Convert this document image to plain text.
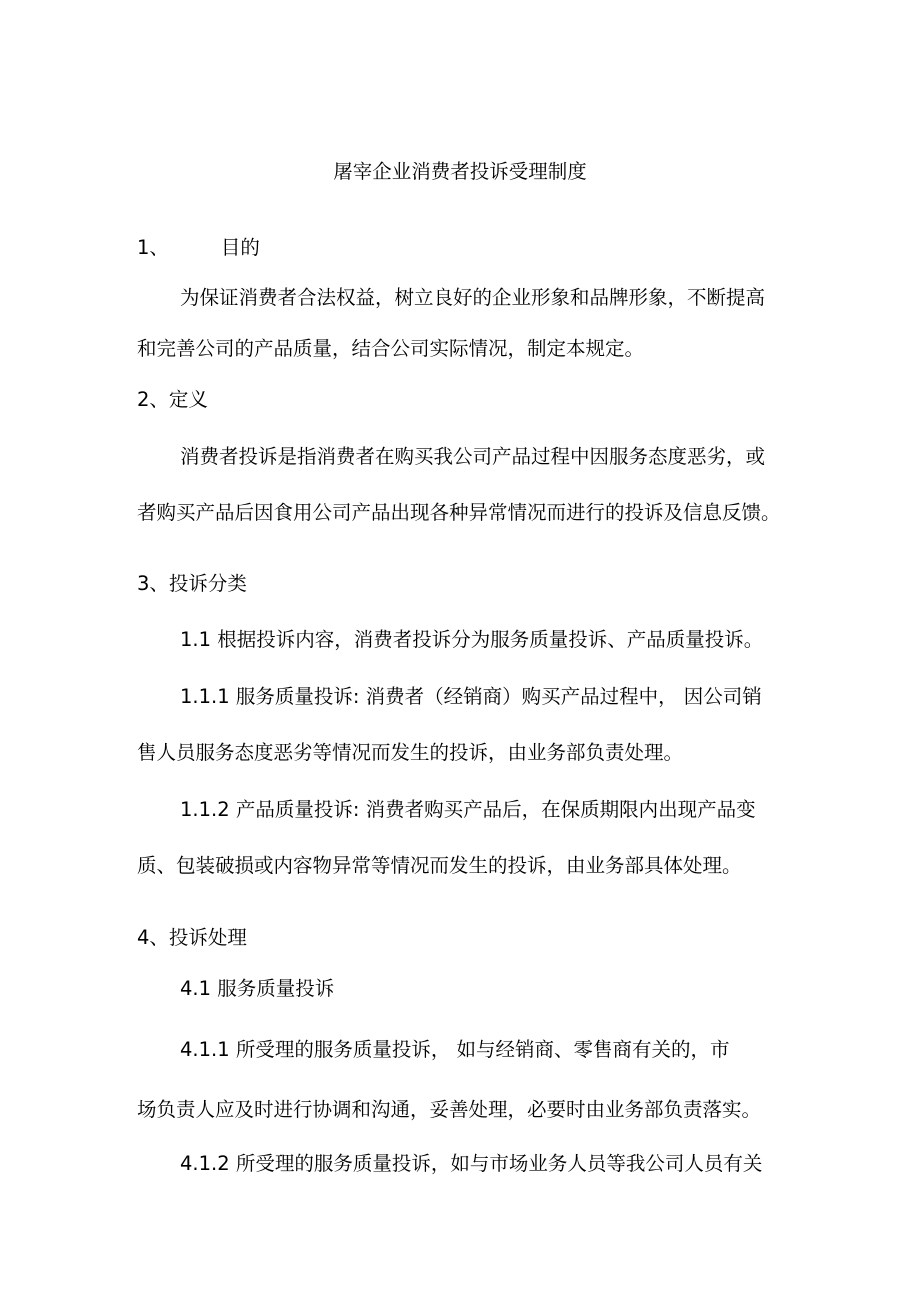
屠宰企业消费者投诉受理制度
1、	目的
为保证消费者合法权益，树立良好的企业形象和品牌形象，不断提高
和完善公司的产品质量，结合公司实际情况，制定本规定。
2、定义
消费者投诉是指消费者在购买我公司产品过程中因服务态度恶劣，或
者购买产品后因食用公司产品出现各种异常情况而进行的投诉及信息反馈。
3、投诉分类
1.1 根据投诉内容，消费者投诉分为服务质量投诉、产品质量投诉。
1.1.1 服务质量投诉: 消费者（经销商）购买产品过程中， 因公司销
售人员服务态度恶劣等情况而发生的投诉，由业务部负责处理。
1.1.2 产品质量投诉: 消费者购买产品后，在保质期限内出现产品变
质、包装破损或内容物异常等情况而发生的投诉，由业务部具体处理。
4、投诉处理
4.1 服务质量投诉
4.1.1 所受理的服务质量投诉， 如与经销商、零售商有关的，市
场负责人应及时进行协调和沟通，妥善处理，必要时由业务部负责落实。
4.1.2 所受理的服务质量投诉，如与市场业务人员等我公司人员有关
